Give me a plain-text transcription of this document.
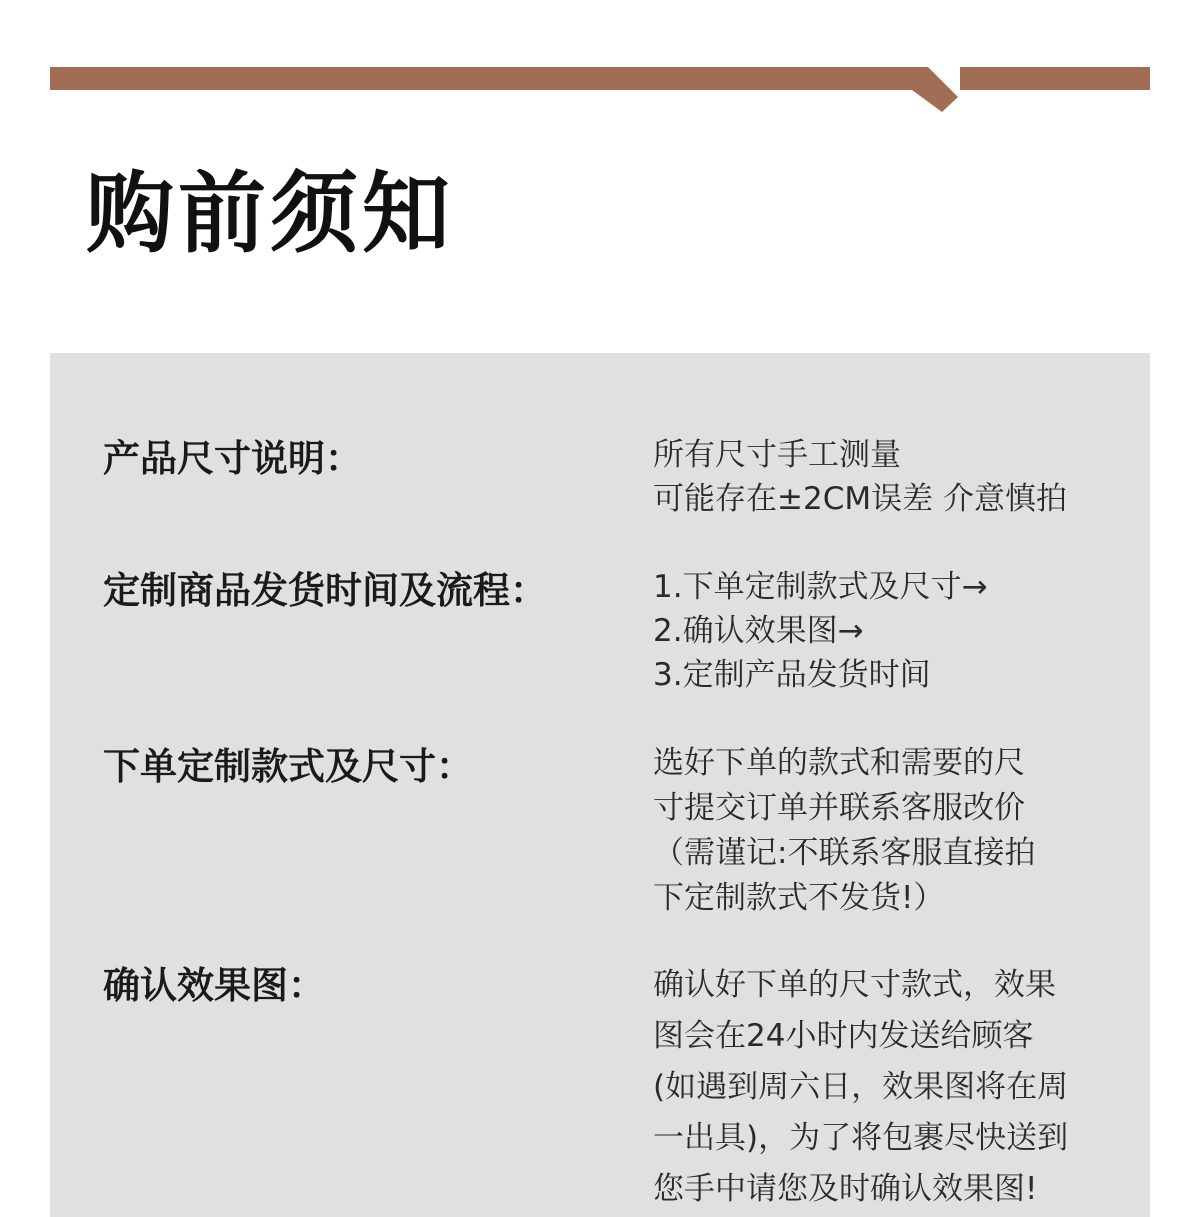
购前须知
产品尺寸说明：	所有尺寸手工测量
可能存在±2CM误差 介意慎拍
定制商品发货时间及流程：	1.下单定制款式及尺寸→
2.确认效果图→
3.定制产品发货时间
下单定制款式及尺寸：	选好下单的款式和需要的尺
寸提交订单并联系客服改价
（需谨记:不联系客服直接拍
下定制款式不发货!）
确认效果图：	确认好下单的尺寸款式，效果
图会在24小时内发送给顾客
(如遇到周六日，效果图将在周
一出具)，为了将包裹尽快送到
您手中请您及时确认效果图!
